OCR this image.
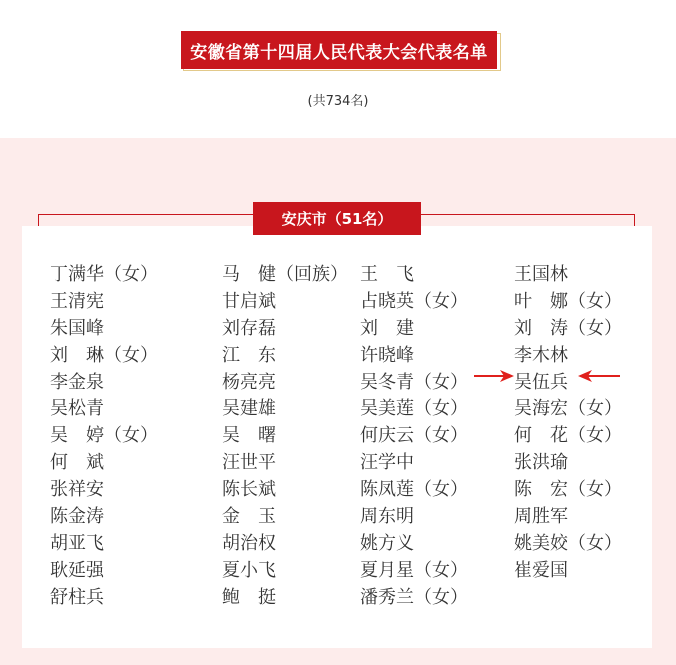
安徽省第十四届人民代表大会代表名单
(共734名)
安庆市（51名）
丁满华（女）
王清宪
朱国峰
刘　琳（女）
李金泉
吴松青
吴　婷（女）
何　斌
张祥安
陈金涛
胡亚飞
耿延强
舒柱兵
马　健（回族）
甘启斌
刘存磊
江　东
杨亮亮
吴建雄
吴　曙
汪世平
陈长斌
金　玉
胡治权
夏小飞
鲍　挺
王　飞
占晓英（女）
刘　建
许晓峰
吴冬青（女）
吴美莲（女）
何庆云（女）
汪学中
陈凤莲（女）
周东明
姚方义
夏月星（女）
潘秀兰（女）
王国林
叶　娜（女）
刘　涛（女）
李木林
吴伍兵
吴海宏（女）
何　花（女）
张洪瑜
陈　宏（女）
周胜军
姚美姣（女）
崔爱国
